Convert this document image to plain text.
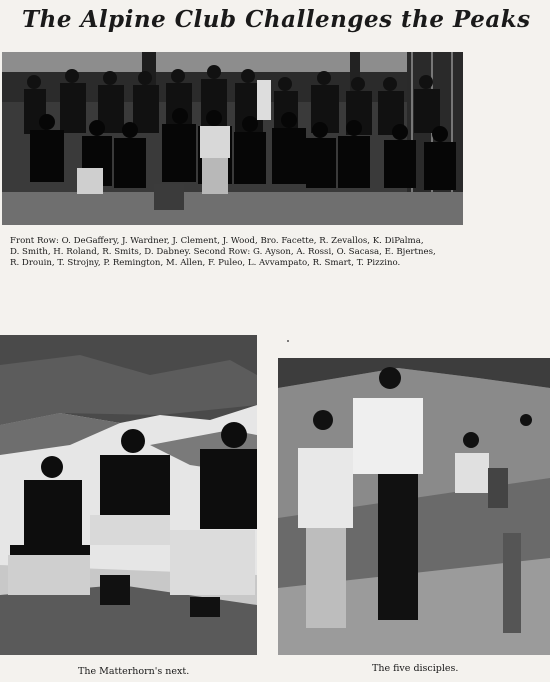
The Alpine Club Challenges the Peaks
Front Row: O. DeGaffery, J. Wardner, J. Clement, J. Wood, Bro. Facette, R. Zevallos, K. DiPalma,
D. Smith, H. Roland, R. Smits, D. Dabney. Second Row: G. Ayson, A. Rossi, O. Sacasa, E. Bjertnes,
R. Drouin, T. Strojny, P. Remington, M. Allen, F. Puleo, L. Avvampato, R. Smart, T. Pizzino.
The Matterhorn's next.	The five disciples.
